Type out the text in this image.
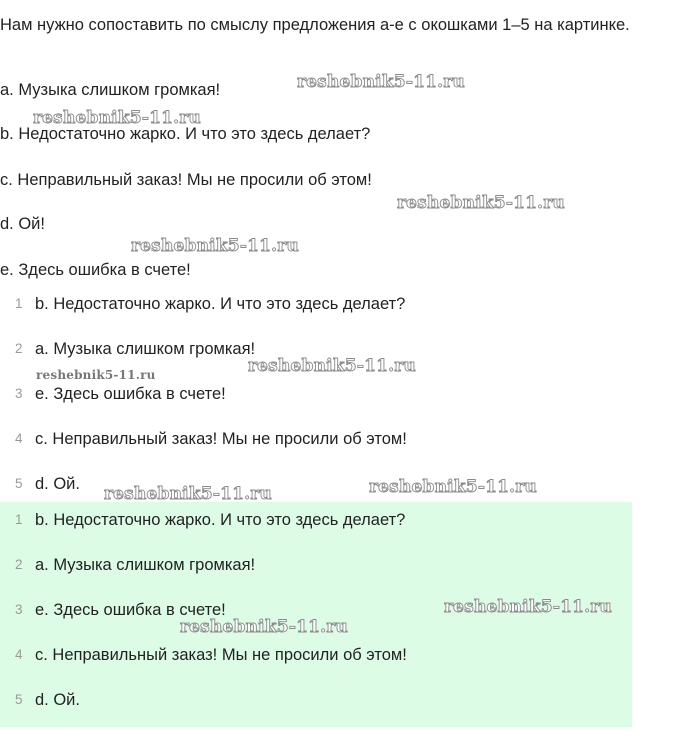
Нам нужно сопоставить по смыслу предложения а-е с окошками 1–5 на картинке.

a. Музыка слишком громкая!
b. Недостаточно жарко. И что это здесь делает?
c. Неправильный заказ! Мы не просили об этом!
d. Ой!
e. Здесь ошибка в счете!
1 b. Недостаточно жарко. И что это здесь делает?
2 a. Музыка слишком громкая!
3 e. Здесь ошибка в счете!
4 c. Неправильный заказ! Мы не просили об этом!
5 d. Ой.
1 b. Недостаточно жарко. И что это здесь делает?
2 a. Музыка слишком громкая!
3 e. Здесь ошибка в счете!
4 c. Неправильный заказ! Мы не просили об этом!
5 d. Ой.
reshebnik5-11.ru
reshebnik5-11.ru
reshebnik5-11.ru
reshebnik5-11.ru
reshebnik5-11.ru	reshebnik5-11.ru
reshebnik5-11.ru
reshebnik5-11.ru
reshebnik5-11.ru
reshebnik5-11.ru
